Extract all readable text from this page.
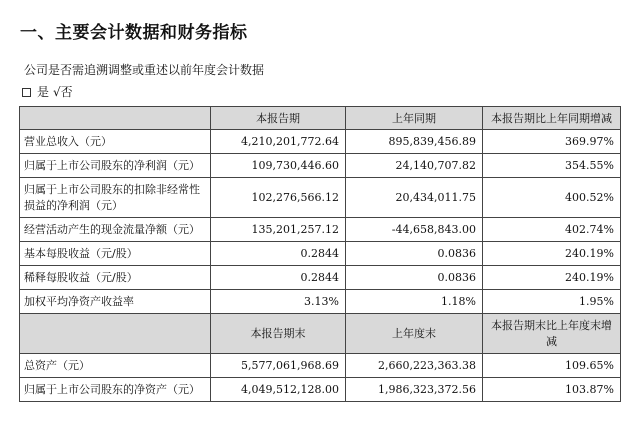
一、主要会计数据和财务指标
公司是否需追溯调整或重述以前年度会计数据
是 √ 否
	本报告期	上年同期	本报告期比上年同期增减
营业总收入（元）	4,210,201,772.64	895,839,456.89	369.97%
归属于上市公司股东的净利润（元）	109,730,446.60	24,140,707.82	354.55%
归属于上市公司股东的扣除非经常性损益的净利润（元）	102,276,566.12	20,434,011.75	400.52%
经营活动产生的现金流量净额（元）	135,201,257.12	-44,658,843.00	402.74%
基本每股收益（元/股）	0.2844	0.0836	240.19%
稀释每股收益（元/股）	0.2844	0.0836	240.19%
加权平均净资产收益率	3.13%	1.18%	1.95%
	本报告期末	上年度末	本报告期末比上年度末增减
总资产（元）	5,577,061,968.69	2,660,223,363.38	109.65%
归属于上市公司股东的净资产（元）	4,049,512,128.00	1,986,323,372.56	103.87%
